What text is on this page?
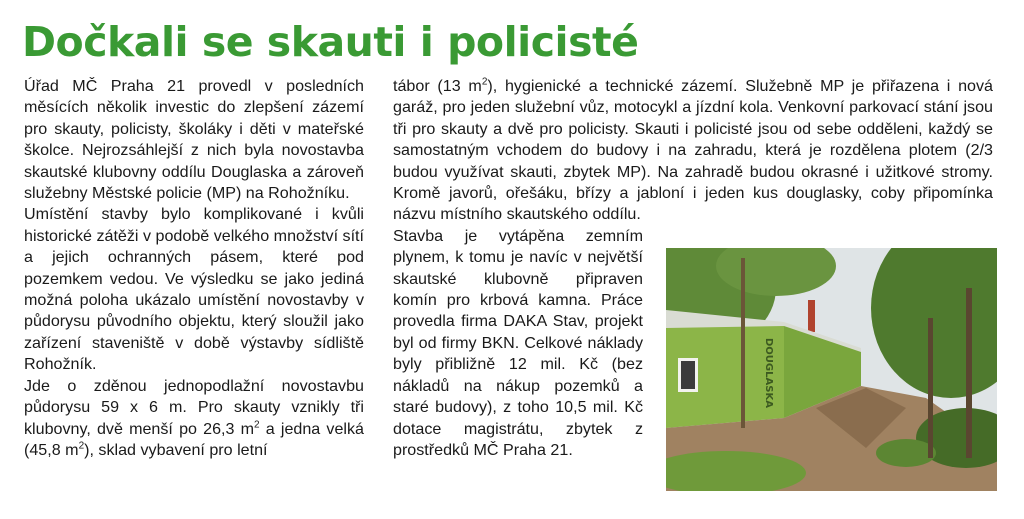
Dočkali se skauti i policisté

Úřad MČ Praha 21 provedl v posledních měsících několik investic do zlepšení zázemí pro skauty, policisty, školáky i děti v mateřské školce. Nejrozsáhlejší z nich byla novostavba skautské klubovny oddílu Douglaska a zároveň služebny Městské policie (MP) na Rohožníku.

Umístění stavby bylo komplikované i kvůli historické zátěži v podobě velkého množství sítí a jejich ochranných pásem, které pod pozemkem vedou. Ve výsledku se jako jediná možná poloha ukázalo umístění novostavby v půdorysu původního objektu, který sloužil jako zařízení staveniště v době výstavby sídliště Rohožník.

Jde o zděnou jednopodlažní novostavbu půdorysu 59 x 6 m. Pro skauty vznikly tři klubovny, dvě menší po 26,3 $m^2$ a jedna velká (45,8 $m^2$), sklad vybavení pro letní

tábor (13 $m^2$), hygienické a technické zázemí. Služebně MP je přiřazena i nová garáž, pro jeden služební vůz, motocykl a jízdní kola. Venkovní parkovací stání jsou tři pro skauty a dvě pro policisty. Skauti i policisté jsou od sebe odděleni, každý se samostatným vchodem do budovy i na zahradu, která je rozdělena plotem (2/3 budou využívat skauti, zbytek MP). Na zahradě budou okrasné i užitkové stromy. Kromě javorů, ořešáku, břízy a jabloní i jeden kus douglasky, coby připomínka názvu místního skautského oddílu.

Stavba je vytápěna zemním plynem, k tomu je navíc v největší skautské klubovně připraven komín pro krbová kamna. Práce provedla firma DAKA Stav, projekt byl od firmy BKN. Celkové náklady byly přibližně 12 mil. Kč (bez nákladů na nákup pozemků a staré budovy), z toho 10,5 mil. Kč dotace magistrátu, zbytek z prostředků MČ Praha 21.

DOUGLASKA
